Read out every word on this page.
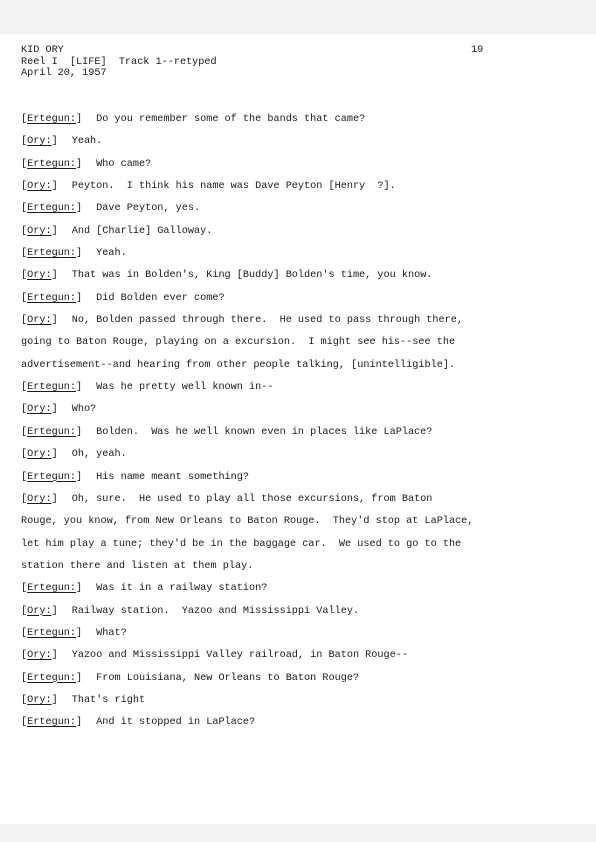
KID ORY
Reel I  [LIFE]  Track 1--retyped
April 20, 1957
19
[Ertegun:] Do you remember some of the bands that came?
[Ory:] Yeah.
[Ertegun:] Who came?
[Ory:] Peyton.  I think his name was Dave Peyton [Henry  ?].
[Ertegun:] Dave Peyton, yes.
[Ory:] And [Charlie] Galloway.
[Ertegun:] Yeah.
[Ory:] That was in Bolden's, King [Buddy] Bolden's time, you know.
[Ertegun:] Did Bolden ever come?
[Ory:] No, Bolden passed through there.  He used to pass through there,
going to Baton Rouge, playing on a excursion.  I might see his--see the
advertisement--and hearing from other people talking, [unintelligible].
[Ertegun:] Was he pretty well known in--
[Ory:] Who?
[Ertegun:] Bolden.  Was he well known even in places like LaPlace?
[Ory:] Oh, yeah.
[Ertegun:] His name meant something?
[Ory:] Oh, sure.  He used to play all those excursions, from Baton
Rouge, you know, from New Orleans to Baton Rouge.  They'd stop at LaPlace,
let him play a tune; they'd be in the baggage car.  We used to go to the
station there and listen at them play.
[Ertegun:] Was it in a railway station?
[Ory:] Railway station.  Yazoo and Mississippi Valley.
[Ertegun:] What?
[Ory:] Yazoo and Mississippi Valley railroad, in Baton Rouge--
[Ertegun:] From Louisiana, New Orleans to Baton Rouge?
[Ory:] That's right
[Ertegun:] And it stopped in LaPlace?
